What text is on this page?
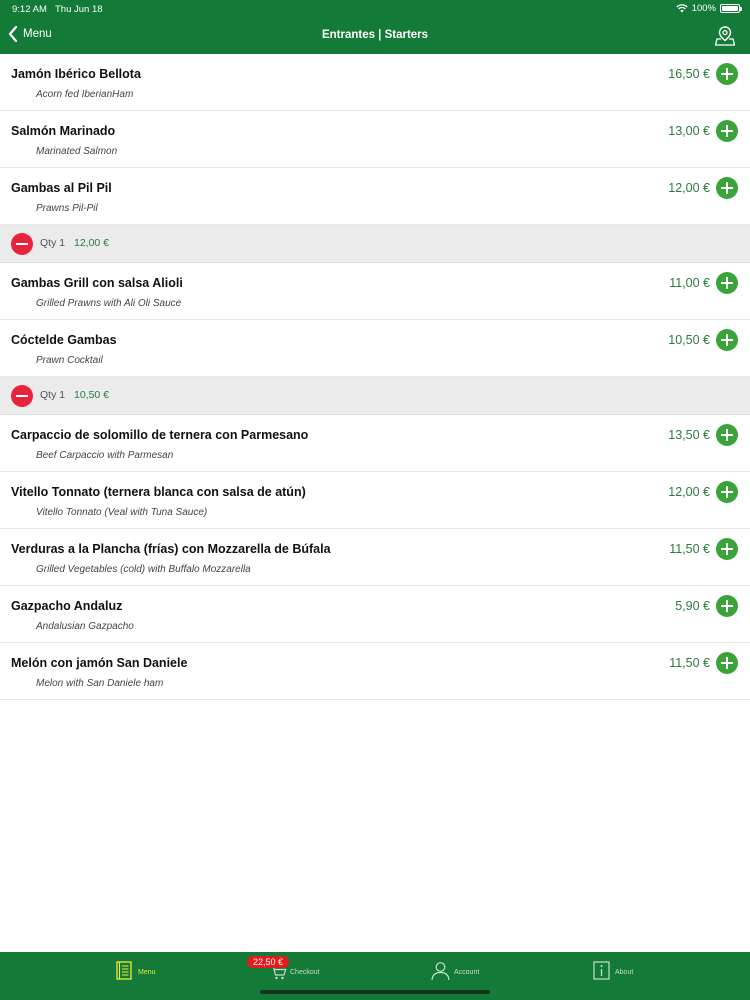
9:12 AM Thu Jun 18	100%
Menu	Entrantes | Starters
Jamón Ibérico Bellota
Acorn fed IberianHam
16,50 €
Salmón Marinado
Marinated Salmon
13,00 €
Gambas al Pil Pil
Prawns Pil-Pil
12,00 €
Qty 1 12,00 €
Gambas Grill con salsa Alioli
Grilled Prawns with Ali Oli Sauce
11,00 €
Cóctelde Gambas
Prawn Cocktail
10,50 €
Qty 1 10,50 €
Carpaccio de solomillo de ternera con Parmesano
Beef Carpaccio with Parmesan
13,50 €
Vitello Tonnato (ternera blanca con salsa de atún)
Vitello Tonnato (Veal with Tuna Sauce)
12,00 €
Verduras a la Plancha (frías) con Mozzarella de Búfala
Grilled Vegetables (cold) with Buffalo Mozzarella
11,50 €
Gazpacho Andaluz
Andalusian Gazpacho
5,90 €
Melón con jamón San Daniele
Melon with San Daniele ham
11,50 €
Menu	Checkout	Account	About
22,50 €
